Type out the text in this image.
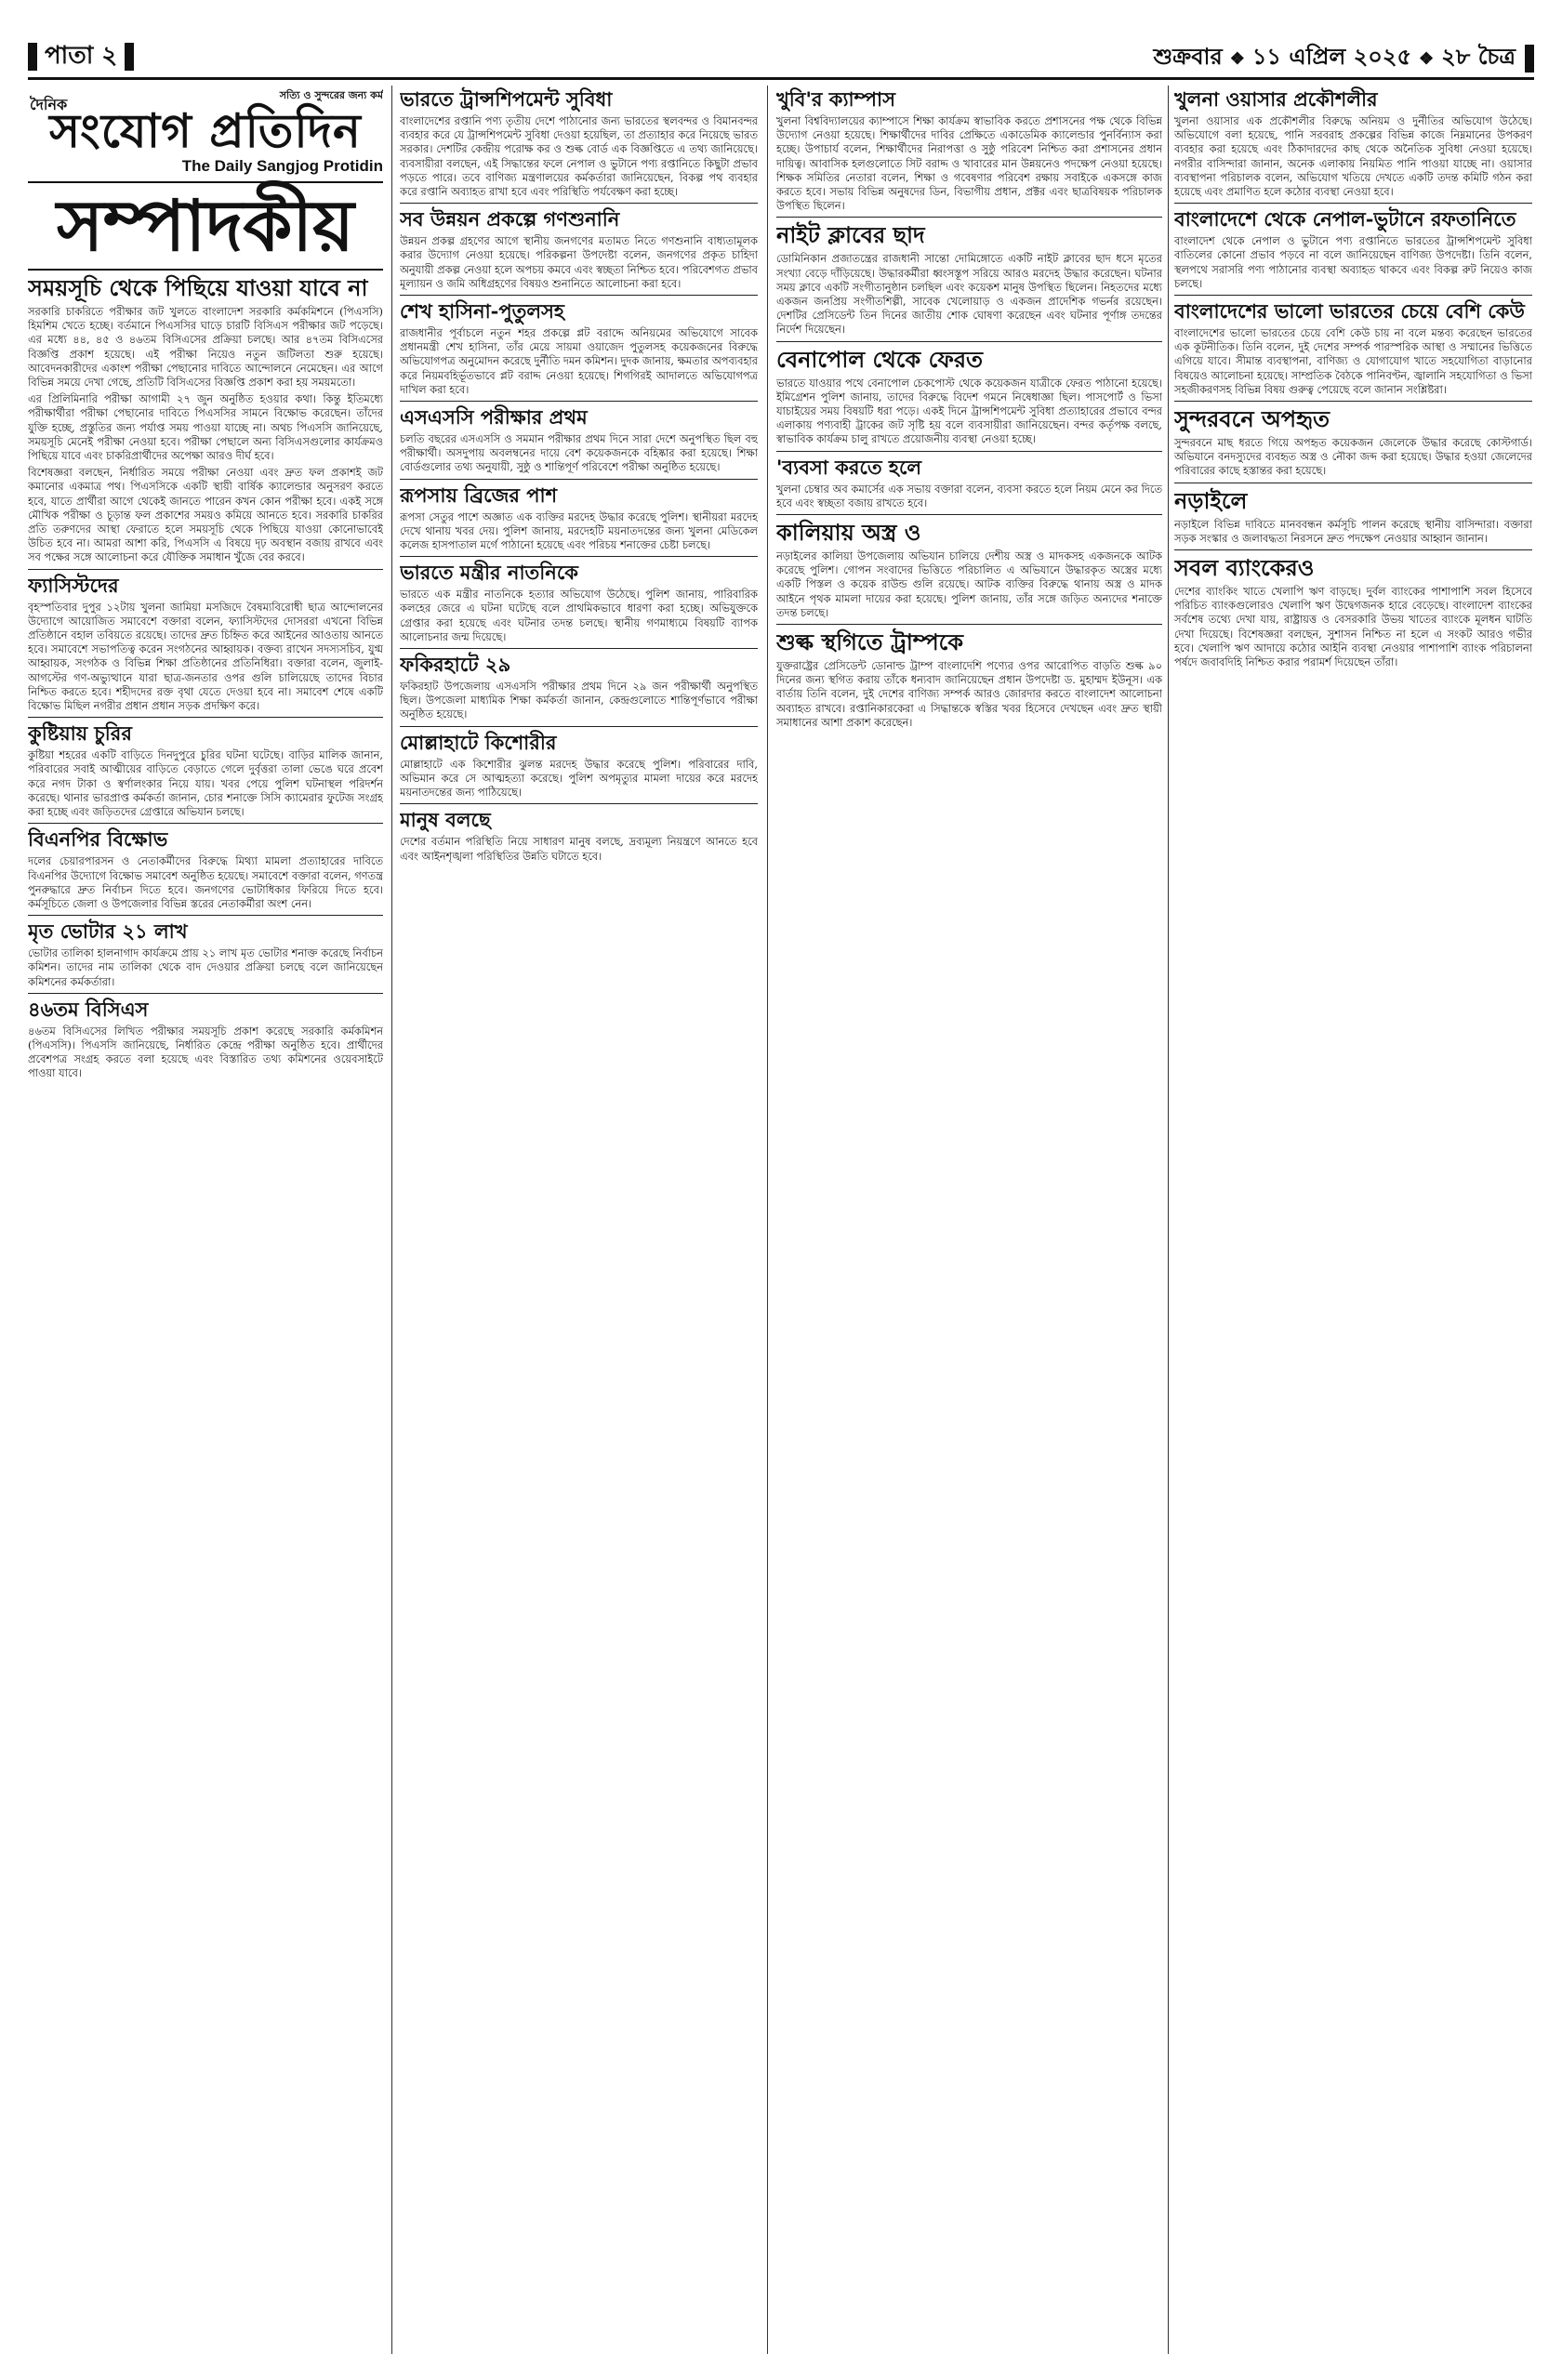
পাতা ২	শুক্রবার ❖ ১১ এপ্রিল ২০২৫ ❖ ২৮ চৈত্র
সত্যি ও সুন্দরের জন্য কর্ম
দৈনিক
সংযোগ প্রতিদিন
The Daily Sangjog Protidin
সম্পাদকীয়
সময়সূচি থেকে পিছিয়ে যাওয়া যাবে না

সরকারি চাকরিতে পরীক্ষার জট খুলতে বাংলাদেশ সরকারি কর্মকমিশনে (পিএসসি) হিমশিম খেতে হচ্ছে। বর্তমানে পিএসসির ঘাড়ে চারটি বিসিএস পরীক্ষার জট পড়েছে। এর মধ্যে ৪৪, ৪৫ ও ৪৬তম বিসিএসের প্রক্রিয়া চলছে। আর ৪৭তম বিসিএসের বিজ্ঞপ্তি প্রকাশ হয়েছে। এই পরীক্ষা নিয়েও নতুন জটিলতা শুরু হয়েছে। আবেদনকারীদের একাংশ পরীক্ষা পেছানোর দাবিতে আন্দোলনে নেমেছেন। এর আগে বিভিন্ন সময়ে দেখা গেছে, প্রতিটি বিসিএসের বিজ্ঞপ্তি প্রকাশ করা হয় সময়মতো।

এর প্রিলিমিনারি পরীক্ষা আগামী ২৭ জুন অনুষ্ঠিত হওয়ার কথা। কিন্তু ইতিমধ্যে পরীক্ষার্থীরা পরীক্ষা পেছানোর দাবিতে পিএসসির সামনে বিক্ষোভ করেছেন। তাঁদের যুক্তি হচ্ছে, প্রস্তুতির জন্য পর্যাপ্ত সময় পাওয়া যাচ্ছে না। অথচ পিএসসি জানিয়েছে, সময়সূচি মেনেই পরীক্ষা নেওয়া হবে। পরীক্ষা পেছালে অন্য বিসিএসগুলোর কার্যক্রমও পিছিয়ে যাবে এবং চাকরিপ্রার্থীদের অপেক্ষা আরও দীর্ঘ হবে।

বিশেষজ্ঞরা বলছেন, নির্ধারিত সময়ে পরীক্ষা নেওয়া এবং দ্রুত ফল প্রকাশই জট কমানোর একমাত্র পথ। পিএসসিকে একটি স্থায়ী বার্ষিক ক্যালেন্ডার অনুসরণ করতে হবে, যাতে প্রার্থীরা আগে থেকেই জানতে পারেন কখন কোন পরীক্ষা হবে। একই সঙ্গে মৌখিক পরীক্ষা ও চূড়ান্ত ফল প্রকাশের সময়ও কমিয়ে আনতে হবে। সরকারি চাকরির প্রতি তরুণদের আস্থা ফেরাতে হলে সময়সূচি থেকে পিছিয়ে যাওয়া কোনোভাবেই উচিত হবে না। আমরা আশা করি, পিএসসি এ বিষয়ে দৃঢ় অবস্থান বজায় রাখবে এবং সব পক্ষের সঙ্গে আলোচনা করে যৌক্তিক সমাধান খুঁজে বের করবে।

ফ্যাসিস্টদের

বৃহস্পতিবার দুপুর ১২টায় খুলনা জামিয়া মসজিদে বৈষম্যবিরোধী ছাত্র আন্দোলনের উদ্যোগে আয়োজিত সমাবেশে বক্তারা বলেন, ফ্যাসিস্টদের দোসররা এখনো বিভিন্ন প্রতিষ্ঠানে বহাল তবিয়তে রয়েছে। তাদের দ্রুত চিহ্নিত করে আইনের আওতায় আনতে হবে। সমাবেশে সভাপতিত্ব করেন সংগঠনের আহ্বায়ক। বক্তব্য রাখেন সদস্যসচিব, যুগ্ম আহ্বায়ক, সংগঠক ও বিভিন্ন শিক্ষা প্রতিষ্ঠানের প্রতিনিধিরা। বক্তারা বলেন, জুলাই-আগস্টের গণ-অভ্যুত্থানে যারা ছাত্র-জনতার ওপর গুলি চালিয়েছে তাদের বিচার নিশ্চিত করতে হবে। শহীদদের রক্ত বৃথা যেতে দেওয়া হবে না। সমাবেশ শেষে একটি বিক্ষোভ মিছিল নগরীর প্রধান প্রধান সড়ক প্রদক্ষিণ করে।

কুষ্টিয়ায় চুরির

কুষ্টিয়া শহরের একটি বাড়িতে দিনদুপুরে চুরির ঘটনা ঘটেছে। বাড়ির মালিক জানান, পরিবারের সবাই আত্মীয়ের বাড়িতে বেড়াতে গেলে দুর্বৃত্তরা তালা ভেঙে ঘরে প্রবেশ করে নগদ টাকা ও স্বর্ণালংকার নিয়ে যায়। খবর পেয়ে পুলিশ ঘটনাস্থল পরিদর্শন করেছে। থানার ভারপ্রাপ্ত কর্মকর্তা জানান, চোর শনাক্তে সিসি ক্যামেরার ফুটেজ সংগ্রহ করা হচ্ছে এবং জড়িতদের গ্রেপ্তারে অভিযান চলছে।

বিএনপির বিক্ষোভ

দলের চেয়ারপারসন ও নেতাকর্মীদের বিরুদ্ধে মিথ্যা মামলা প্রত্যাহারের দাবিতে বিএনপির উদ্যোগে বিক্ষোভ সমাবেশ অনুষ্ঠিত হয়েছে। সমাবেশে বক্তারা বলেন, গণতন্ত্র পুনরুদ্ধারে দ্রুত নির্বাচন দিতে হবে। জনগণের ভোটাধিকার ফিরিয়ে দিতে হবে। কর্মসূচিতে জেলা ও উপজেলার বিভিন্ন স্তরের নেতাকর্মীরা অংশ নেন।

মৃত ভোটার ২১ লাখ

ভোটার তালিকা হালনাগাদ কার্যক্রমে প্রায় ২১ লাখ মৃত ভোটার শনাক্ত করেছে নির্বাচন কমিশন। তাদের নাম তালিকা থেকে বাদ দেওয়ার প্রক্রিয়া চলছে বলে জানিয়েছেন কমিশনের কর্মকর্তারা।

৪৬তম বিসিএস

৪৬তম বিসিএসের লিখিত পরীক্ষার সময়সূচি প্রকাশ করেছে সরকারি কর্মকমিশন (পিএসসি)। পিএসসি জানিয়েছে, নির্ধারিত কেন্দ্রে পরীক্ষা অনুষ্ঠিত হবে। প্রার্থীদের প্রবেশপত্র সংগ্রহ করতে বলা হয়েছে এবং বিস্তারিত তথ্য কমিশনের ওয়েবসাইটে পাওয়া যাবে।

ভারতে ট্রান্সশিপমেন্ট সুবিধা

বাংলাদেশের রপ্তানি পণ্য তৃতীয় দেশে পাঠানোর জন্য ভারতের স্থলবন্দর ও বিমানবন্দর ব্যবহার করে যে ট্রান্সশিপমেন্ট সুবিধা দেওয়া হয়েছিল, তা প্রত্যাহার করে নিয়েছে ভারত সরকার। দেশটির কেন্দ্রীয় পরোক্ষ কর ও শুল্ক বোর্ড এক বিজ্ঞপ্তিতে এ তথ্য জানিয়েছে। ব্যবসায়ীরা বলছেন, এই সিদ্ধান্তের ফলে নেপাল ও ভুটানে পণ্য রপ্তানিতে কিছুটা প্রভাব পড়তে পারে। তবে বাণিজ্য মন্ত্রণালয়ের কর্মকর্তারা জানিয়েছেন, বিকল্প পথ ব্যবহার করে রপ্তানি অব্যাহত রাখা হবে এবং পরিস্থিতি পর্যবেক্ষণ করা হচ্ছে।

সব উন্নয়ন প্রকল্পে গণশুনানি

উন্নয়ন প্রকল্প গ্রহণের আগে স্থানীয় জনগণের মতামত নিতে গণশুনানি বাধ্যতামূলক করার উদ্যোগ নেওয়া হয়েছে। পরিকল্পনা উপদেষ্টা বলেন, জনগণের প্রকৃত চাহিদা অনুযায়ী প্রকল্প নেওয়া হলে অপচয় কমবে এবং স্বচ্ছতা নিশ্চিত হবে। পরিবেশগত প্রভাব মূল্যায়ন ও জমি অধিগ্রহণের বিষয়ও শুনানিতে আলোচনা করা হবে।

শেখ হাসিনা-পুতুলসহ

রাজধানীর পূর্বাচলে নতুন শহর প্রকল্পে প্লট বরাদ্দে অনিয়মের অভিযোগে সাবেক প্রধানমন্ত্রী শেখ হাসিনা, তাঁর মেয়ে সায়মা ওয়াজেদ পুতুলসহ কয়েকজনের বিরুদ্ধে অভিযোগপত্র অনুমোদন করেছে দুর্নীতি দমন কমিশন। দুদক জানায়, ক্ষমতার অপব্যবহার করে নিয়মবহির্ভূতভাবে প্লট বরাদ্দ নেওয়া হয়েছে। শিগগিরই আদালতে অভিযোগপত্র দাখিল করা হবে।

এসএসসি পরীক্ষার প্রথম

চলতি বছরের এসএসসি ও সমমান পরীক্ষার প্রথম দিনে সারা দেশে অনুপস্থিত ছিল বহু পরীক্ষার্থী। অসদুপায় অবলম্বনের দায়ে বেশ কয়েকজনকে বহিষ্কার করা হয়েছে। শিক্ষা বোর্ডগুলোর তথ্য অনুযায়ী, সুষ্ঠু ও শান্তিপূর্ণ পরিবেশে পরীক্ষা অনুষ্ঠিত হয়েছে।

রূপসায় ব্রিজের পাশ

রূপসা সেতুর পাশে অজ্ঞাত এক ব্যক্তির মরদেহ উদ্ধার করেছে পুলিশ। স্থানীয়রা মরদেহ দেখে থানায় খবর দেয়। পুলিশ জানায়, মরদেহটি ময়নাতদন্তের জন্য খুলনা মেডিকেল কলেজ হাসপাতাল মর্গে পাঠানো হয়েছে এবং পরিচয় শনাক্তের চেষ্টা চলছে।

ভারতে মন্ত্রীর নাতনিকে

ভারতে এক মন্ত্রীর নাতনিকে হত্যার অভিযোগ উঠেছে। পুলিশ জানায়, পারিবারিক কলহের জেরে এ ঘটনা ঘটেছে বলে প্রাথমিকভাবে ধারণা করা হচ্ছে। অভিযুক্তকে গ্রেপ্তার করা হয়েছে এবং ঘটনার তদন্ত চলছে। স্থানীয় গণমাধ্যমে বিষয়টি ব্যাপক আলোচনার জন্ম দিয়েছে।

ফকিরহাটে ২৯

ফকিরহাট উপজেলায় এসএসসি পরীক্ষার প্রথম দিনে ২৯ জন পরীক্ষার্থী অনুপস্থিত ছিল। উপজেলা মাধ্যমিক শিক্ষা কর্মকর্তা জানান, কেন্দ্রগুলোতে শান্তিপূর্ণভাবে পরীক্ষা অনুষ্ঠিত হয়েছে।

মোল্লাহাটে কিশোরীর

মোল্লাহাটে এক কিশোরীর ঝুলন্ত মরদেহ উদ্ধার করেছে পুলিশ। পরিবারের দাবি, অভিমান করে সে আত্মহত্যা করেছে। পুলিশ অপমৃত্যুর মামলা দায়ের করে মরদেহ ময়নাতদন্তের জন্য পাঠিয়েছে।

মানুষ বলছে

দেশের বর্তমান পরিস্থিতি নিয়ে সাধারণ মানুষ বলছে, দ্রব্যমূল্য নিয়ন্ত্রণে আনতে হবে এবং আইনশৃঙ্খলা পরিস্থিতির উন্নতি ঘটাতে হবে।

খুবি'র ক্যাম্পাস

খুলনা বিশ্ববিদ্যালয়ের ক্যাম্পাসে শিক্ষা কার্যক্রম স্বাভাবিক করতে প্রশাসনের পক্ষ থেকে বিভিন্ন উদ্যোগ নেওয়া হয়েছে। শিক্ষার্থীদের দাবির প্রেক্ষিতে একাডেমিক ক্যালেন্ডার পুনর্বিন্যাস করা হচ্ছে। উপাচার্য বলেন, শিক্ষার্থীদের নিরাপত্তা ও সুষ্ঠু পরিবেশ নিশ্চিত করা প্রশাসনের প্রধান দায়িত্ব। আবাসিক হলগুলোতে সিট বরাদ্দ ও খাবারের মান উন্নয়নেও পদক্ষেপ নেওয়া হয়েছে। শিক্ষক সমিতির নেতারা বলেন, শিক্ষা ও গবেষণার পরিবেশ রক্ষায় সবাইকে একসঙ্গে কাজ করতে হবে। সভায় বিভিন্ন অনুষদের ডিন, বিভাগীয় প্রধান, প্রক্টর এবং ছাত্রবিষয়ক পরিচালক উপস্থিত ছিলেন।

নাইট ক্লাবের ছাদ

ডোমিনিকান প্রজাতন্ত্রের রাজধানী সান্তো দোমিঙ্গোতে একটি নাইট ক্লাবের ছাদ ধসে মৃতের সংখ্যা বেড়ে দাঁড়িয়েছে। উদ্ধারকর্মীরা ধ্বংসস্তূপ সরিয়ে আরও মরদেহ উদ্ধার করেছেন। ঘটনার সময় ক্লাবে একটি সংগীতানুষ্ঠান চলছিল এবং কয়েকশ মানুষ উপস্থিত ছিলেন। নিহতদের মধ্যে একজন জনপ্রিয় সংগীতশিল্পী, সাবেক খেলোয়াড় ও একজন প্রাদেশিক গভর্নর রয়েছেন। দেশটির প্রেসিডেন্ট তিন দিনের জাতীয় শোক ঘোষণা করেছেন এবং ঘটনার পূর্ণাঙ্গ তদন্তের নির্দেশ দিয়েছেন।

বেনাপোল থেকে ফেরত

ভারতে যাওয়ার পথে বেনাপোল চেকপোস্ট থেকে কয়েকজন যাত্রীকে ফেরত পাঠানো হয়েছে। ইমিগ্রেশন পুলিশ জানায়, তাদের বিরুদ্ধে বিদেশ গমনে নিষেধাজ্ঞা ছিল। পাসপোর্ট ও ভিসা যাচাইয়ের সময় বিষয়টি ধরা পড়ে। একই দিনে ট্রান্সশিপমেন্ট সুবিধা প্রত্যাহারের প্রভাবে বন্দর এলাকায় পণ্যবাহী ট্রাকের জট সৃষ্টি হয় বলে ব্যবসায়ীরা জানিয়েছেন। বন্দর কর্তৃপক্ষ বলছে, স্বাভাবিক কার্যক্রম চালু রাখতে প্রয়োজনীয় ব্যবস্থা নেওয়া হচ্ছে।

'ব্যবসা করতে হলে

খুলনা চেম্বার অব কমার্সের এক সভায় বক্তারা বলেন, ব্যবসা করতে হলে নিয়ম মেনে কর দিতে হবে এবং স্বচ্ছতা বজায় রাখতে হবে।

কালিয়ায় অস্ত্র ও

নড়াইলের কালিয়া উপজেলায় অভিযান চালিয়ে দেশীয় অস্ত্র ও মাদকসহ একজনকে আটক করেছে পুলিশ। গোপন সংবাদের ভিত্তিতে পরিচালিত এ অভিযানে উদ্ধারকৃত অস্ত্রের মধ্যে একটি পিস্তল ও কয়েক রাউন্ড গুলি রয়েছে। আটক ব্যক্তির বিরুদ্ধে থানায় অস্ত্র ও মাদক আইনে পৃথক মামলা দায়ের করা হয়েছে। পুলিশ জানায়, তাঁর সঙ্গে জড়িত অন্যদের শনাক্তে তদন্ত চলছে।

শুল্ক স্থগিতে ট্রাম্পকে

যুক্তরাষ্ট্রের প্রেসিডেন্ট ডোনাল্ড ট্রাম্প বাংলাদেশি পণ্যের ওপর আরোপিত বাড়তি শুল্ক ৯০ দিনের জন্য স্থগিত করায় তাঁকে ধন্যবাদ জানিয়েছেন প্রধান উপদেষ্টা ড. মুহাম্মদ ইউনূস। এক বার্তায় তিনি বলেন, দুই দেশের বাণিজ্য সম্পর্ক আরও জোরদার করতে বাংলাদেশ আলোচনা অব্যাহত রাখবে। রপ্তানিকারকেরা এ সিদ্ধান্তকে স্বস্তির খবর হিসেবে দেখছেন এবং দ্রুত স্থায়ী সমাধানের আশা প্রকাশ করেছেন।

খুলনা ওয়াসার প্রকৌশলীর

খুলনা ওয়াসার এক প্রকৌশলীর বিরুদ্ধে অনিয়ম ও দুর্নীতির অভিযোগ উঠেছে। অভিযোগে বলা হয়েছে, পানি সরবরাহ প্রকল্পের বিভিন্ন কাজে নিম্নমানের উপকরণ ব্যবহার করা হয়েছে এবং ঠিকাদারদের কাছ থেকে অনৈতিক সুবিধা নেওয়া হয়েছে। নগরীর বাসিন্দারা জানান, অনেক এলাকায় নিয়মিত পানি পাওয়া যাচ্ছে না। ওয়াসার ব্যবস্থাপনা পরিচালক বলেন, অভিযোগ খতিয়ে দেখতে একটি তদন্ত কমিটি গঠন করা হয়েছে এবং প্রমাণিত হলে কঠোর ব্যবস্থা নেওয়া হবে।

বাংলাদেশে থেকে নেপাল-ভুটানে রফতানিতে

বাংলাদেশ থেকে নেপাল ও ভুটানে পণ্য রপ্তানিতে ভারতের ট্রান্সশিপমেন্ট সুবিধা বাতিলের কোনো প্রভাব পড়বে না বলে জানিয়েছেন বাণিজ্য উপদেষ্টা। তিনি বলেন, স্থলপথে সরাসরি পণ্য পাঠানোর ব্যবস্থা অব্যাহত থাকবে এবং বিকল্প রুট নিয়েও কাজ চলছে।

বাংলাদেশের ভালো ভারতের চেয়ে বেশি কেউ

বাংলাদেশের ভালো ভারতের চেয়ে বেশি কেউ চায় না বলে মন্তব্য করেছেন ভারতের এক কূটনীতিক। তিনি বলেন, দুই দেশের সম্পর্ক পারস্পরিক আস্থা ও সম্মানের ভিত্তিতে এগিয়ে যাবে। সীমান্ত ব্যবস্থাপনা, বাণিজ্য ও যোগাযোগ খাতে সহযোগিতা বাড়ানোর বিষয়েও আলোচনা হয়েছে। সাম্প্রতিক বৈঠকে পানিবণ্টন, জ্বালানি সহযোগিতা ও ভিসা সহজীকরণসহ বিভিন্ন বিষয় গুরুত্ব পেয়েছে বলে জানান সংশ্লিষ্টরা।

সুন্দরবনে অপহৃত

সুন্দরবনে মাছ ধরতে গিয়ে অপহৃত কয়েকজন জেলেকে উদ্ধার করেছে কোস্টগার্ড। অভিযানে বনদস্যুদের ব্যবহৃত অস্ত্র ও নৌকা জব্দ করা হয়েছে। উদ্ধার হওয়া জেলেদের পরিবারের কাছে হস্তান্তর করা হয়েছে।

নড়াইলে

নড়াইলে বিভিন্ন দাবিতে মানববন্ধন কর্মসূচি পালন করেছে স্থানীয় বাসিন্দারা। বক্তারা সড়ক সংস্কার ও জলাবদ্ধতা নিরসনে দ্রুত পদক্ষেপ নেওয়ার আহ্বান জানান।

সবল ব্যাংকেরও

দেশের ব্যাংকিং খাতে খেলাপি ঋণ বাড়ছে। দুর্বল ব্যাংকের পাশাপাশি সবল হিসেবে পরিচিত ব্যাংকগুলোরও খেলাপি ঋণ উদ্বেগজনক হারে বেড়েছে। বাংলাদেশ ব্যাংকের সর্বশেষ তথ্যে দেখা যায়, রাষ্ট্রায়ত্ত ও বেসরকারি উভয় খাতের ব্যাংকে মূলধন ঘাটতি দেখা দিয়েছে। বিশেষজ্ঞরা বলছেন, সুশাসন নিশ্চিত না হলে এ সংকট আরও গভীর হবে। খেলাপি ঋণ আদায়ে কঠোর আইনি ব্যবস্থা নেওয়ার পাশাপাশি ব্যাংক পরিচালনা পর্ষদে জবাবদিহি নিশ্চিত করার পরামর্শ দিয়েছেন তাঁরা।
